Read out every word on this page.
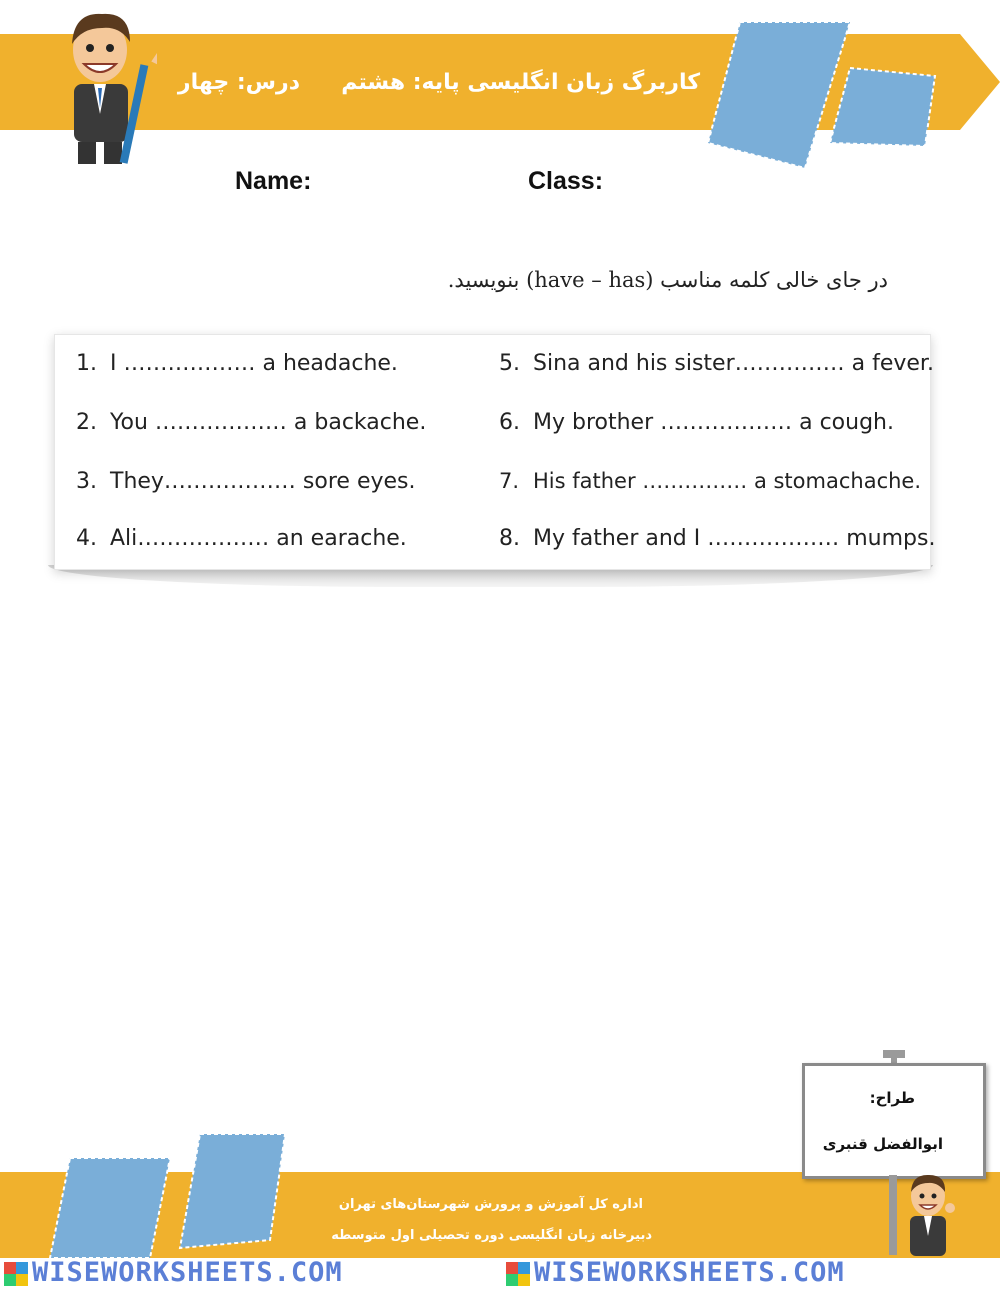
کاربرگ زبان انگلیسی پایه: هشتم
درس: چهار
Name:	Class:
در جای خالی کلمه مناسب (have – has) بنویسید.
1. I ……………… a headache.
2. You ……………… a backache.
3. They……………… sore eyes.
4. Ali……………… an earache.
5. Sina and his sister…………… a fever.
6. My brother ……………… a cough.
7. His father …………… a stomachache.
8. My father and I ……………… mumps.
اداره کل آموزش و پرورش شهرستان‌های تهران
دبیرخانه زبان انگلیسی دوره تحصیلی اول متوسطه
طراح:
ابوالفضل قنبری
WISEWORKSHEETS.COM	WISEWORKSHEETS.COM
